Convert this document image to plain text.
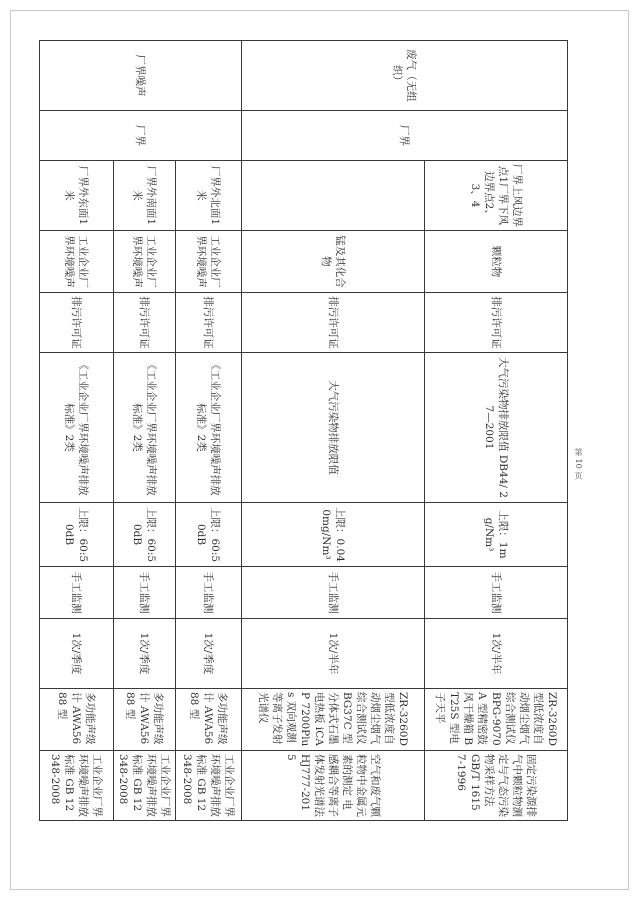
废气（无组织）	厂界	厂界上风边界点1厂界下风边界点2、3、4	颗粒物	排污许可证	大气污染物排放限值 DB44/ 27—2001	上限：1mg/Nm³	手工监测	1次/半年	ZR-3260D 型低浓度自动烟尘烟气综合测试仪 BPG-9070A 型精密鼓风干燥箱 BT25S 型电子天平	固定污染源排气中颗粒物测定与气态污染物采样方法 GB/T 16157-1996
			锰及其化合物	排污许可证	大气污染物排放限值	上限：0.040mg/Nm³	手工监测	1次/半年	ZR-3260D 型低浓度自动烟尘烟气综合测试仪 BG37C 型分体式石墨电热板 iCAP 7200Plus 双向观测等离子发射光谱仪	空气和废气颗粒物中金属元素的测定 电感耦合等离子体发射光谱法 HJ777-2015
厂界噪声	厂界	厂界外北面1米	工业企业厂界环境噪声	排污许可证	《工业企业厂界环境噪声排放标准》2类	上限：60:50dB	手工监测	1次/季度	多功能声级计 AWA5688 型	工业企业厂界环境噪声排放标准 GB 12348-2008
		厂界外南面1米	工业企业厂界环境噪声	排污许可证	《工业企业厂界环境噪声排放标准》2类	上限：60:50dB	手工监测	1次/季度	多功能声级计 AWA5688 型	工业企业厂界环境噪声排放标准 GB 12348-2008
		厂界外东面1米	工业企业厂界环境噪声	排污许可证	《工业企业厂界环境噪声排放标准》2类	上限：60:50dB	手工监测	1次/季度	多功能声级计 AWA5688 型	工业企业厂界环境噪声排放标准 GB 12348-2008
第 10 页
